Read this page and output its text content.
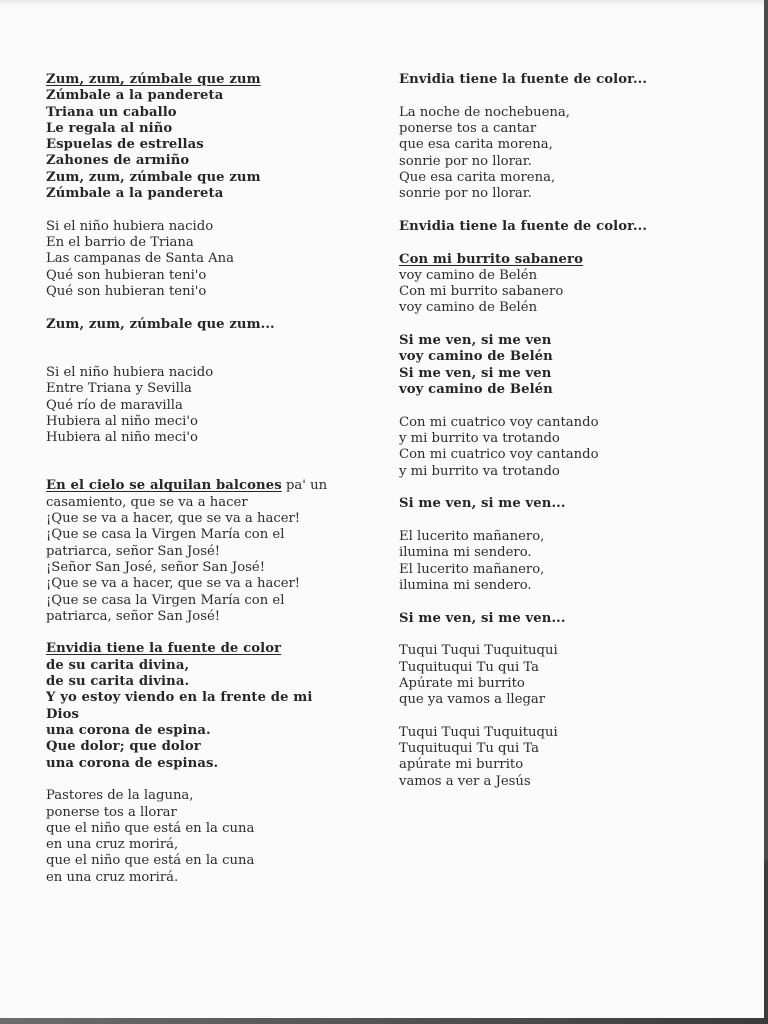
Zum, zum, zúmbale que zum
Zúmbale a la pandereta
Triana un caballo
Le regala al niño
Espuelas de estrellas
Zahones de armiño
Zum, zum, zúmbale que zum
Zúmbale a la pandereta
Si el niño hubiera nacido
En el barrio de Triana
Las campanas de Santa Ana
Qué son hubieran teni'o
Qué son hubieran teni'o
Zum, zum, zúmbale que zum...
Si el niño hubiera nacido
Entre Triana y Sevilla
Qué río de maravilla
Hubiera al niño meci'o
Hubiera al niño meci'o
En el cielo se alquilan balcones pa' un
casamiento, que se va a hacer
¡Que se va a hacer, que se va a hacer!
¡Que se casa la Virgen María con el
patriarca, señor San José!
¡Señor San José, señor San José!
¡Que se va a hacer, que se va a hacer!
¡Que se casa la Virgen María con el
patriarca, señor San José!
Envidia tiene la fuente de color
de su carita divina,
de su carita divina.
Y yo estoy viendo en la frente de mi
Dios
una corona de espina.
Que dolor; que dolor
una corona de espinas.
Pastores de la laguna,
ponerse tos a llorar
que el niño que está en la cuna
en una cruz morirá,
que el niño que está en la cuna
en una cruz morirá.
Envidia tiene la fuente de color...
La noche de nochebuena,
ponerse tos a cantar
que esa carita morena,
sonrie por no llorar.
Que esa carita morena,
sonrie por no llorar.
Envidia tiene la fuente de color...
Con mi burrito sabanero
voy camino de Belén
Con mi burrito sabanero
voy camino de Belén
Si me ven, si me ven
voy camino de Belén
Si me ven, si me ven
voy camino de Belén
Con mi cuatrico voy cantando
y mi burrito va trotando
Con mi cuatrico voy cantando
y mi burrito va trotando
Si me ven, si me ven...
El lucerito mañanero,
ilumina mi sendero.
El lucerito mañanero,
ilumina mi sendero.
Si me ven, si me ven...
Tuqui Tuqui Tuquituqui
Tuquituqui Tu qui Ta
Apúrate mi burrito
que ya vamos a llegar
Tuqui Tuqui Tuquituqui
Tuquituqui Tu qui Ta
apúrate mi burrito
vamos a ver a Jesús
